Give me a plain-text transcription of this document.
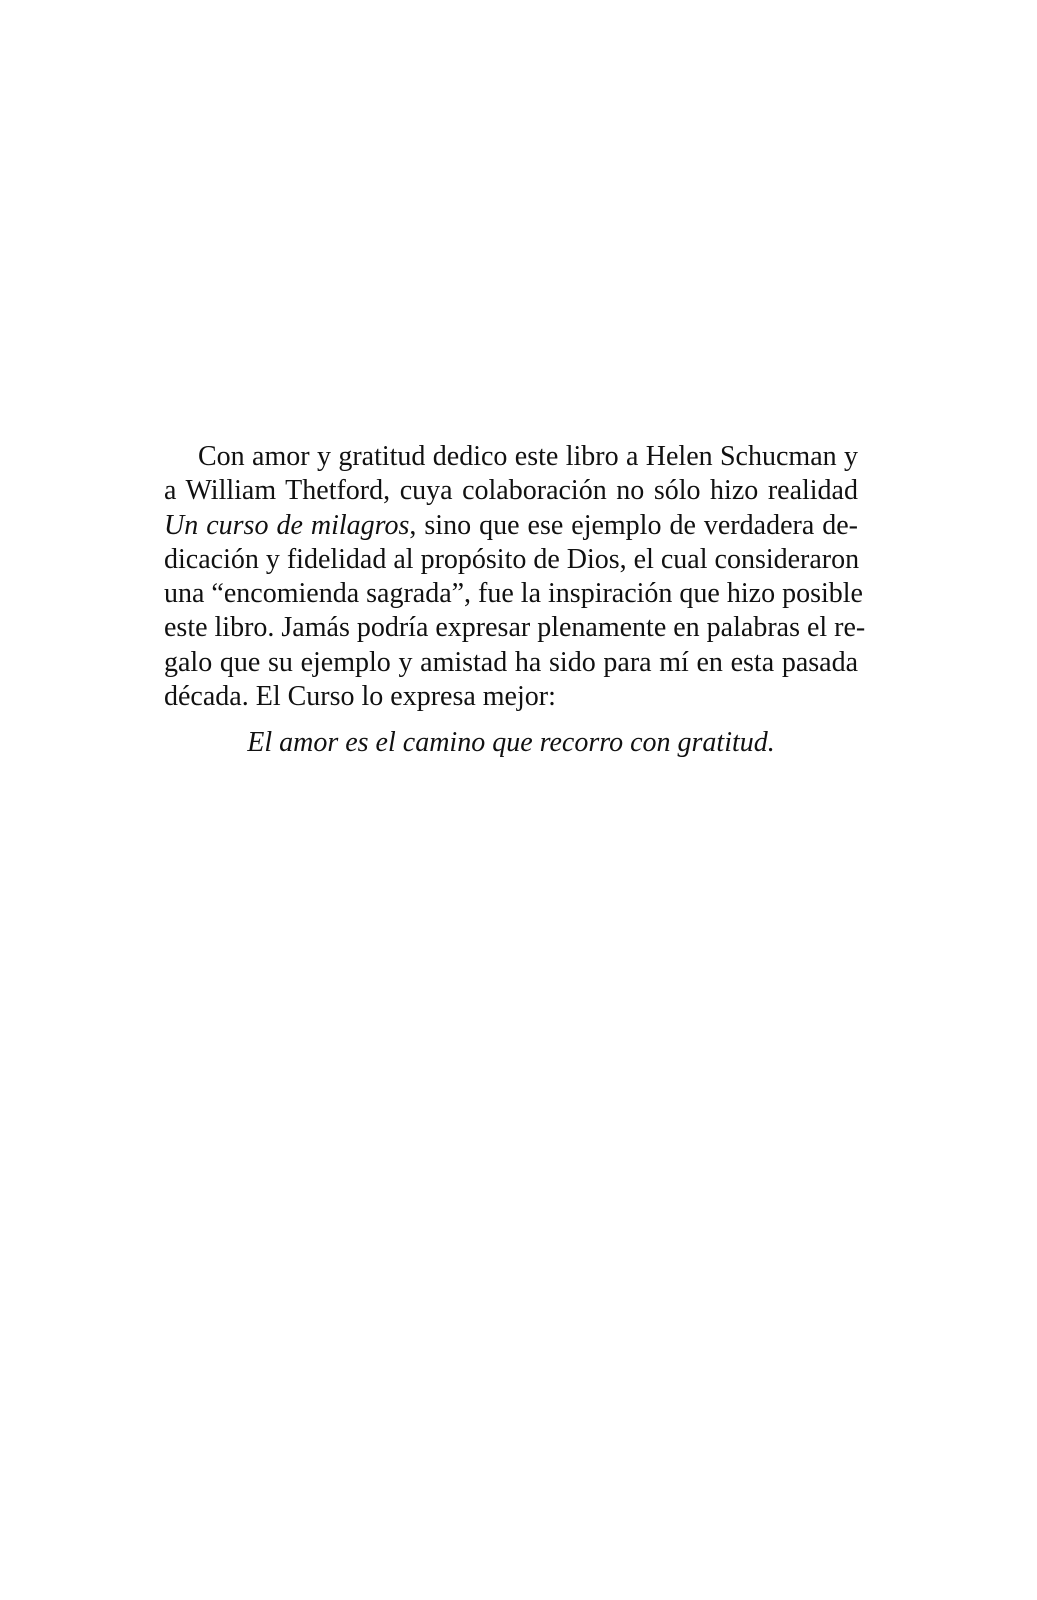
Con amor y gratitud dedico este libro a Helen Schucman y
a William Thetford, cuya colaboración no sólo hizo realidad
Un curso de milagros, sino que ese ejemplo de verdadera de-
dicación y fidelidad al propósito de Dios, el cual consideraron
una “encomienda sagrada”, fue la inspiración que hizo posible
este libro. Jamás podría expresar plenamente en palabras el re-
galo que su ejemplo y amistad ha sido para mí en esta pasada
década. El Curso lo expresa mejor:
El amor es el camino que recorro con gratitud.
